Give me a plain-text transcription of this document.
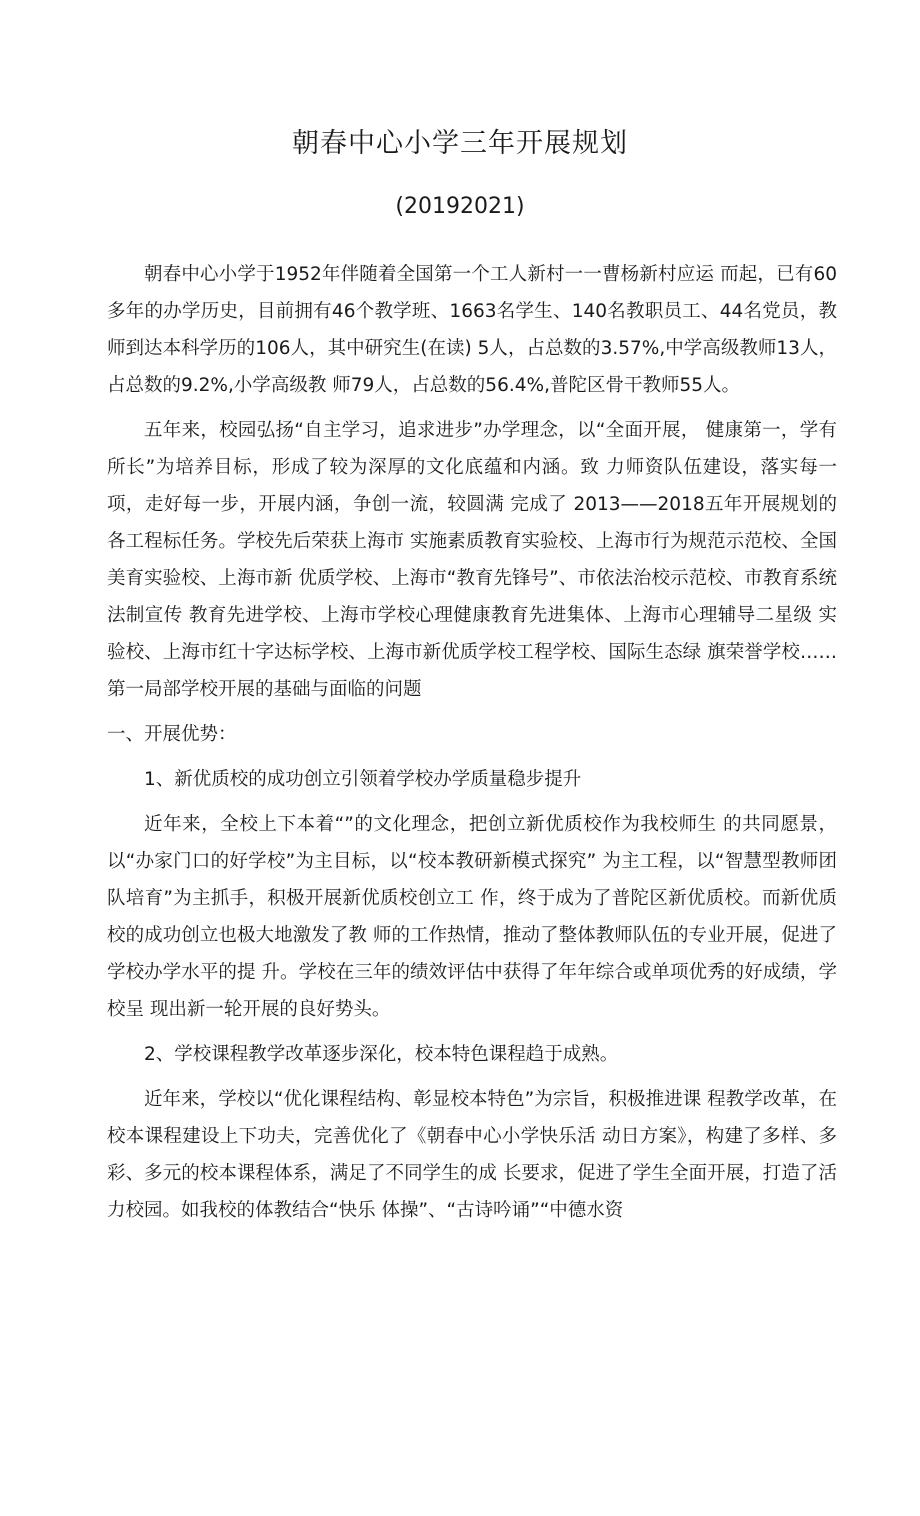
朝春中心小学三年开展规划
(20192021)

朝春中心小学于1952年伴随着全国第一个工人新村一一曹杨新村应运 而起，已有60多年的办学历史，目前拥有46个教学班、1663名学生、140名教职员工、44名党员，教师到达本科学历的106人，其中研究生(在读) 5人，占总数的3.57%,中学高级教师13人，占总数的9.2%,小学高级教 师79人，占总数的56.4%,普陀区骨干教师55人。

五年来，校园弘扬“自主学习，追求进步”办学理念，以“全面开展， 健康第一，学有所长”为培养目标，形成了较为深厚的文化底蕴和内涵。致 力师资队伍建设，落实每一项，走好每一步，开展内涵，争创一流，较圆满 完成了 2013——2018五年开展规划的各工程标任务。学校先后荣获上海市 实施素质教育实验校、上海市行为规范示范校、全国美育实验校、上海市新 优质学校、上海市“教育先锋号”、市依法治校示范校、市教育系统法制宣传 教育先进学校、上海市学校心理健康教育先进集体、上海市心理辅导二星级 实验校、上海市红十字达标学校、上海市新优质学校工程学校、国际生态绿 旗荣誉学校……第一局部学校开展的基础与面临的问题

一、开展优势：

1、新优质校的成功创立引领着学校办学质量稳步提升

近年来，全校上下本着“”的文化理念，把创立新优质校作为我校师生 的共同愿景，以“办家门口的好学校”为主目标，以“校本教研新模式探究” 为主工程，以“智慧型教师团队培育”为主抓手，积极开展新优质校创立工 作，终于成为了普陀区新优质校。而新优质校的成功创立也极大地激发了教 师的工作热情，推动了整体教师队伍的专业开展，促进了学校办学水平的提 升。学校在三年的绩效评估中获得了年年综合或单项优秀的好成绩，学校呈 现出新一轮开展的良好势头。

2、学校课程教学改革逐步深化，校本特色课程趋于成熟。

近年来，学校以“优化课程结构、彰显校本特色”为宗旨，积极推进课 程教学改革，在校本课程建设上下功夫，完善优化了《朝春中心小学快乐活 动日方案》，构建了多样、多彩、多元的校本课程体系，满足了不同学生的成 长要求，促进了学生全面开展，打造了活力校园。如我校的体教结合“快乐 体操”、“古诗吟诵”“中德水资
